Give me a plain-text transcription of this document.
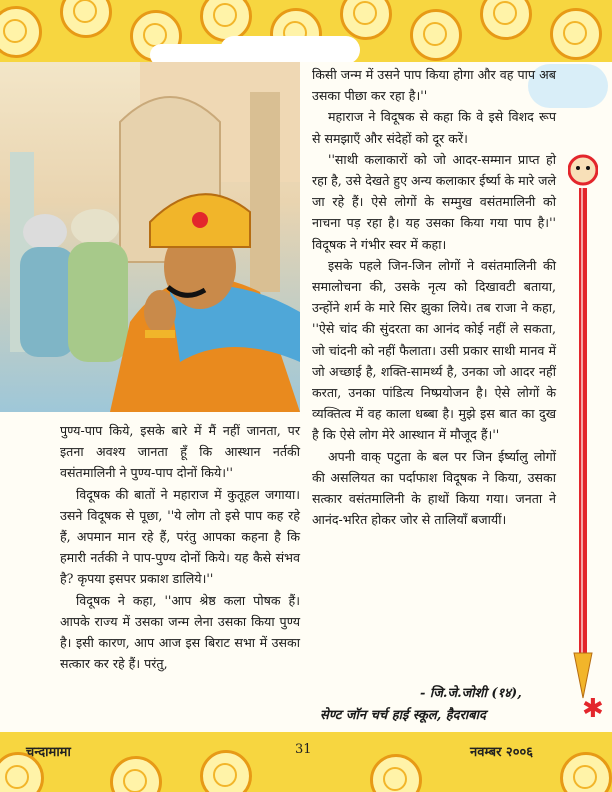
किसी जन्म में उसने पाप किया होगा और वह पाप अब उसका पीछा कर रहा है।''

महाराज ने विदूषक से कहा कि वे इसे विशद रूप से समझाएँ और संदेहों को दूर करें।

''साथी कलाकारों को जो आदर-सम्मान प्राप्त हो रहा है, उसे देखते हुए अन्य कलाकार ईर्ष्या के मारे जले जा रहे हैं। ऐसे लोगों के सम्मुख वसंतमालिनी को नाचना पड़ रहा है। यह उसका किया गया पाप है।'' विदूषक ने गंभीर स्वर में कहा।

इसके पहले जिन-जिन लोगों ने वसंतमालिनी की समालोचना की, उसके नृत्य को दिखावटी बताया, उन्होंने शर्म के मारे सिर झुका लिये। तब राजा ने कहा, ''ऐसे चांद की सुंदरता का आनंद कोई नहीं ले सकता, जो चांदनी को नहीं फैलाता। उसी प्रकार साथी मानव में जो अच्छाई है, शक्ति-सामर्थ्य है, उनका जो आदर नहीं करता, उनका पांडित्य निष्प्रयोजन है। ऐसे लोगों के व्यक्तित्व में वह काला धब्बा है। मुझे इस बात का दुख है कि ऐसे लोग मेरे आस्थान में मौजूद हैं।''

अपनी वाक् पटुता के बल पर जिन ईर्ष्यालु लोगों की असलियत का पर्दाफाश विदूषक ने किया, उसका सत्कार वसंतमालिनी के हाथों किया गया। जनता ने आनंद-भरित होकर जोर से तालियाँ बजायीं।

पुण्य-पाप किये, इसके बारे में मैं नहीं जानता, पर इतना अवश्य जानता हूँ कि आस्थान नर्तकी वसंतमालिनी ने पुण्य-पाप दोनों किये।''

विदूषक की बातों ने महाराज में कुतूहल जगाया। उसने विदूषक से पूछा, ''ये लोग तो इसे पाप कह रहे हैं, अपमान मान रहे हैं, परंतु आपका कहना है कि हमारी नर्तकी ने पाप-पुण्य दोनों किये। यह कैसे संभव है? कृपया इसपर प्रकाश डालिये।''

विदूषक ने कहा, ''आप श्रेष्ठ कला पोषक हैं। आपके राज्य में उसका जन्म लेना उसका किया पुण्य है। इसी कारण, आप आज इस बिराट सभा में उसका सत्कार कर रहे हैं। परंतु,

- जि.जे.जोशी (१४),
सेण्ट जॉन चर्च हाई स्कूल, हैदराबाद	✱
चन्दामामा	31	नवम्बर २००६
